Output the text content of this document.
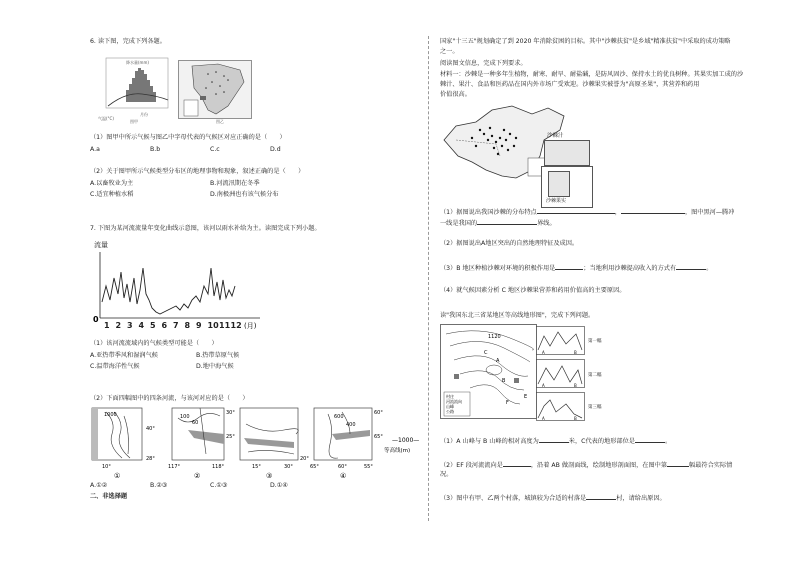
6. 读下图，完成下列各题。
降水量(mm)
气温(°C)
月份
图甲	图乙
（1）图甲中所示气候与图乙中字母代表的气候区对应正确的是（　　）
A.a	B.b	C.c	D.d
（2）关于图甲所示气候类型分布区的地理事物和现象，叙述正确的是（　　）
A.以畜牧业为主	B.河流汛期在冬季
C.适宜种植水稻	D.南极洲也有该气候分布
7. 下图为某河流流量年变化曲线示意图，该河以雨水补给为主。读图完成下列小题。
流量
0
1 2 3 4 5 6 7 8 9 10 11 12 (月)
（1）该河流流域内的气候类型可能是（　　）
A.亚热带季风和湿润气候	B.热带草原气候
C.温带海洋性气候	D.地中海气候
（2）下面四幅图中的四条河流，与该河对应的是（　　）
1000
40°
28°
10°
①
100
60
30°
25°
117°	118°
②
20°
15°	30°
③
600
400
60°
65°
65°	60°	55°
④
—1000—
等高线(m)
A.①②	B.②③	C.①③	D.①④
二、非选择题
国家"十三五"规划确定了到 2020 年消除贫困的目标。其中"沙棘扶贫"是乡域"精准扶贫"中采取的成功策略
之一。
阅读图文信息，完成下列要求。
材料一：沙棘是一种多年生植物，耐寒、耐旱、耐盐碱，是防风固沙、保持水土的优良树种。其果实加工成的沙
棘汁、果汁、食品和医药品在国内外市场广受欢迎。沙棘果实被誉为"高原圣果"，其营养和药用
价值很高。
沙棘汁
沙棘果实
（1）据图说出我国沙棘的分布特点	，	，图中黑河—腾冲
一线是我国的	界线。
（2）据图说出A地区突出的自然地理特征及成因。
（3）B 地区种植沙棘对环境的积极作用是	；当地利用沙棘提高收入的方式有	。
（4）就气候因素分析 C 地区沙棘果营养和药用价值高的主要原因。
读"我国东北三省某地区等高线地形图"，完成下列问题。
1120
A
B
C
E
F
村庄
河流流向
山峰
公路
A	B
A	B
A	B
第一幅
第二幅
第三幅
（1）A 山峰与 B 山峰的相对高度为	米，C代表的地形部位是	。
（2）EF 段河流流向是	，沿着 AB 做剖面线，绘制地形剖面图，在图中第	幅最符合实际情
况。
（3）图中有甲、乙两个村落，城镇较为合适的村落是	村，请给出原因。
